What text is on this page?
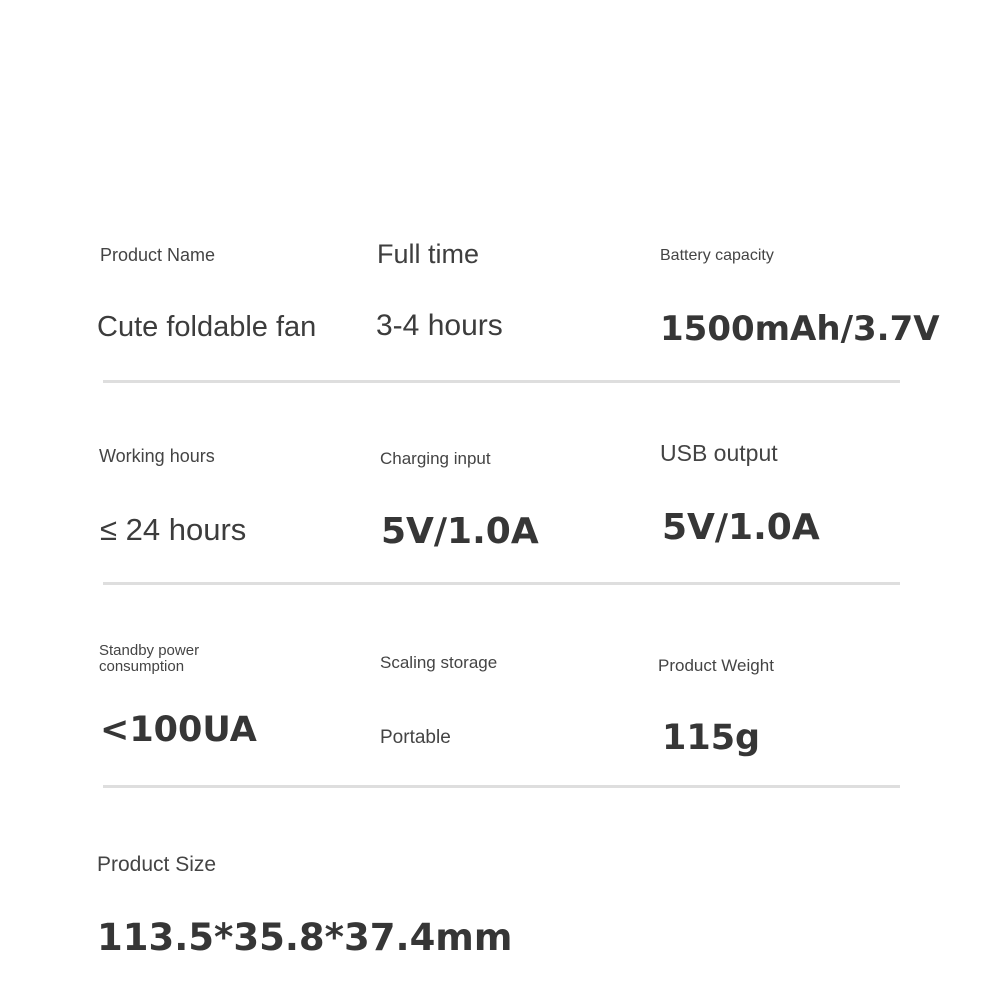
Product Name

Cute foldable fan

Full time

3-4 hours

Battery capacity

1500mAh/3.7V

Working hours

≤ 24 hours

Charging input

5V/1.0A

USB output

5V/1.0A

Standby power consumption

<100UA

Scaling storage

Portable

Product Weight

115g

Product Size

113.5*35.8*37.4mm
